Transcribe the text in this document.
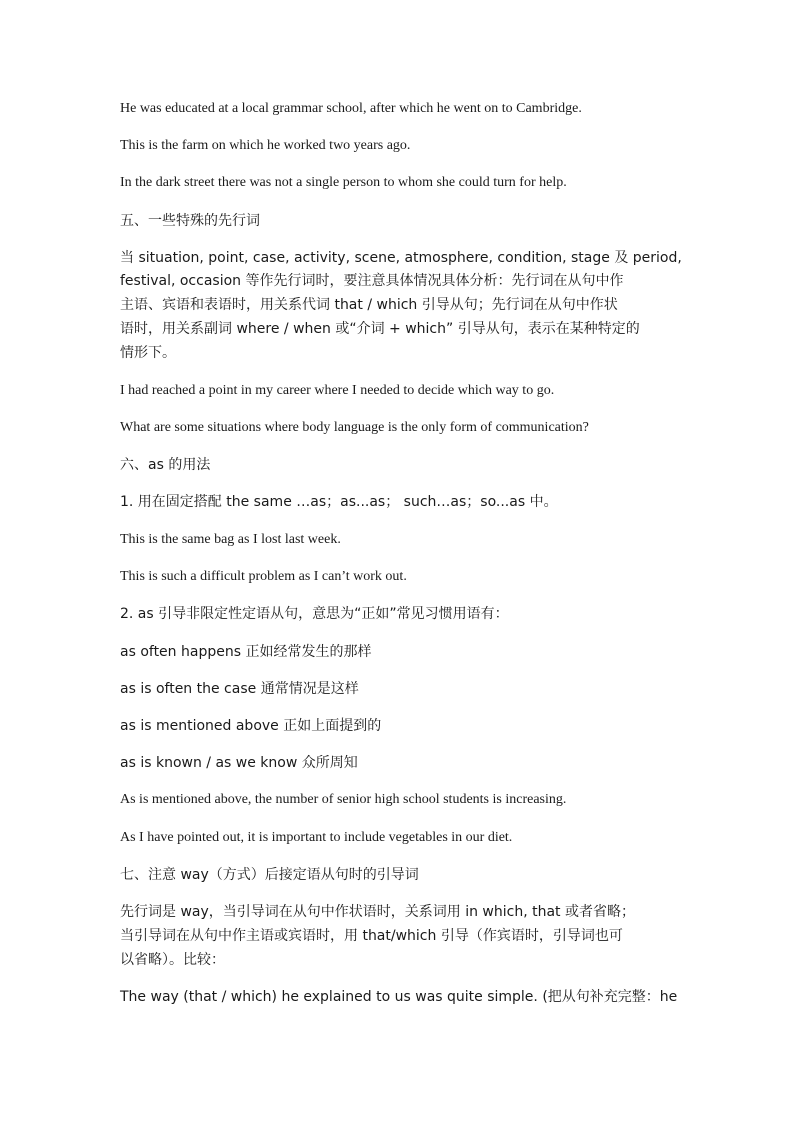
He was educated at a local grammar school, after which he went on to Cambridge.
This is the farm on which he worked two years ago.
In the dark street there was not a single person to whom she could turn for help.
五、一些特殊的先行词
当 situation, point, case, activity, scene, atmosphere, condition, stage 及 period,
festival, occasion 等作先行词时，要注意具体情况具体分析：先行词在从句中作
主语、宾语和表语时，用关系代词 that / which 引导从句；先行词在从句中作状
语时，用关系副词 where / when 或“介词 + which” 引导从句，表示在某种特定的
情形下。
I had reached a point in my career where I needed to decide which way to go.
What are some situations where body language is the only form of communication?
六、as 的用法
1. 用在固定搭配 the same …as；as...as； such…as；so...as 中。
This is the same bag as I lost last week.
This is such a difficult problem as I can’t work out.
2. as 引导非限定性定语从句，意思为“正如”常见习惯用语有：
as often happens 正如经常发生的那样
as is often the case 通常情况是这样
as is mentioned above 正如上面提到的
as is known / as we know 众所周知
As is mentioned above, the number of senior high school students is increasing.
As I have pointed out, it is important to include vegetables in our diet.
七、注意 way（方式）后接定语从句时的引导词
先行词是 way，当引导词在从句中作状语时，关系词用 in which, that 或者省略；
当引导词在从句中作主语或宾语时，用 that/which 引导（作宾语时，引导词也可
以省略）。比较：
The way (that / which) he explained to us was quite simple. (把从句补充完整：he
